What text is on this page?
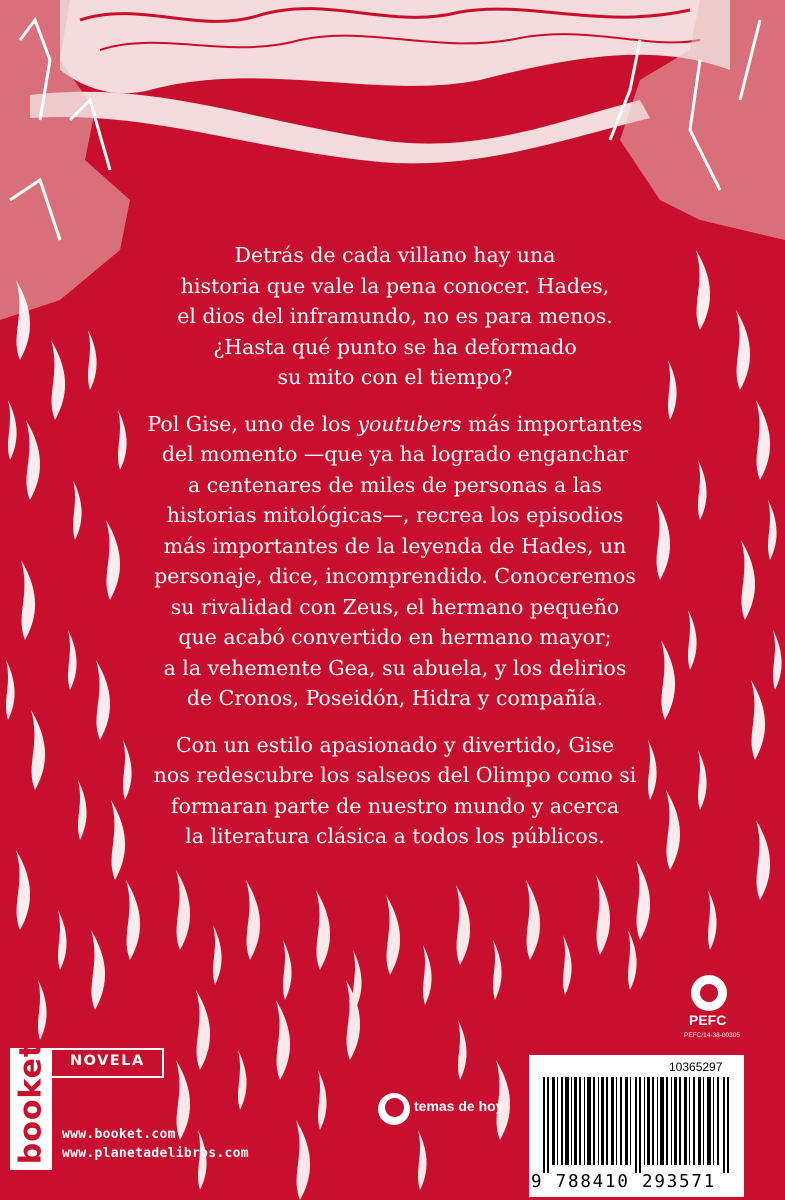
Detrás de cada villano hay una
historia que vale la pena conocer. Hades,
el dios del inframundo, no es para menos.
¿Hasta qué punto se ha deformado
su mito con el tiempo?

Pol Gise, uno de los youtubers más importantes
del momento —que ya ha logrado enganchar
a centenares de miles de personas a las
historias mitológicas—, recrea los episodios
más importantes de la leyenda de Hades, un
personaje, dice, incomprendido. Conoceremos
su rivalidad con Zeus, el hermano pequeño
que acabó convertido en hermano mayor;
a la vehemente Gea, su abuela, y los delirios
de Cronos, Poseidón, Hidra y compañía.

Con un estilo apasionado y divertido, Gise
nos redescubre los salseos del Olimpo como si
formaran parte de nuestro mundo y acerca
la literatura clásica a todos los públicos.

booket NOVELA
www.booket.com
www.planetadelibros.com
temas de hoy
PEFC
PEFC/14-38-00305
10365297
9 788410 293571
